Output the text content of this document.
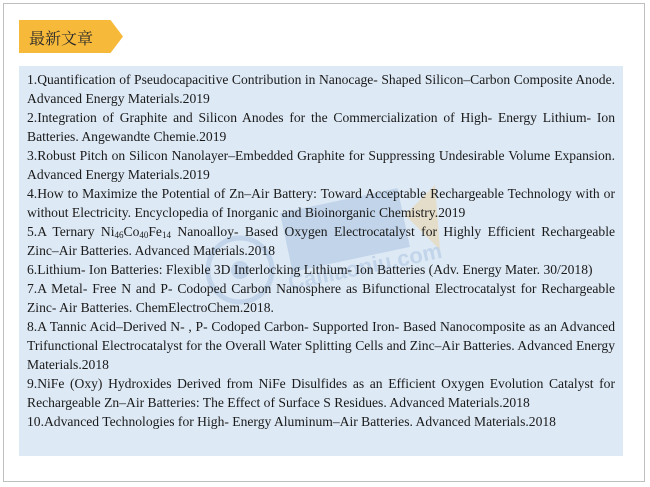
最新文章
Cailiaoniu.com
1.Quantification of Pseudocapacitive Contribution in Nanocage- Shaped Silicon–Carbon Composite Anode. Advanced Energy Materials.2019
2.Integration of Graphite and Silicon Anodes for the Commercialization of High- Energy Lithium- Ion Batteries. Angewandte Chemie.2019
3.Robust Pitch on Silicon Nanolayer–Embedded Graphite for Suppressing Undesirable Volume Expansion. Advanced Energy Materials.2019
4.How to Maximize the Potential of Zn–Air Battery: Toward Acceptable Rechargeable Technology with or without Electricity. Encyclopedia of Inorganic and Bioinorganic Chemistry.2019
5.A Ternary $Ni_{46}Co_{40}Fe_{14}$ Nanoalloy- Based Oxygen Electrocatalyst for Highly Efficient Rechargeable Zinc–Air Batteries. Advanced Materials.2018
6.Lithium- Ion Batteries: Flexible 3D Interlocking Lithium- Ion Batteries (Adv. Energy Mater. 30/2018)
7.A Metal- Free N and P- Codoped Carbon Nanosphere as Bifunctional Electrocatalyst for Rechargeable Zinc- Air Batteries. ChemElectroChem.2018.
8.A Tannic Acid–Derived N- , P- Codoped Carbon- Supported Iron- Based Nanocomposite as an Advanced Trifunctional Electrocatalyst for the Overall Water Splitting Cells and Zinc–Air Batteries. Advanced Energy Materials.2018
9.NiFe (Oxy) Hydroxides Derived from NiFe Disulfides as an Efficient Oxygen Evolution Catalyst for Rechargeable Zn–Air Batteries: The Effect of Surface S Residues. Advanced Materials.2018
10.Advanced Technologies for High- Energy Aluminum–Air Batteries. Advanced Materials.2018
